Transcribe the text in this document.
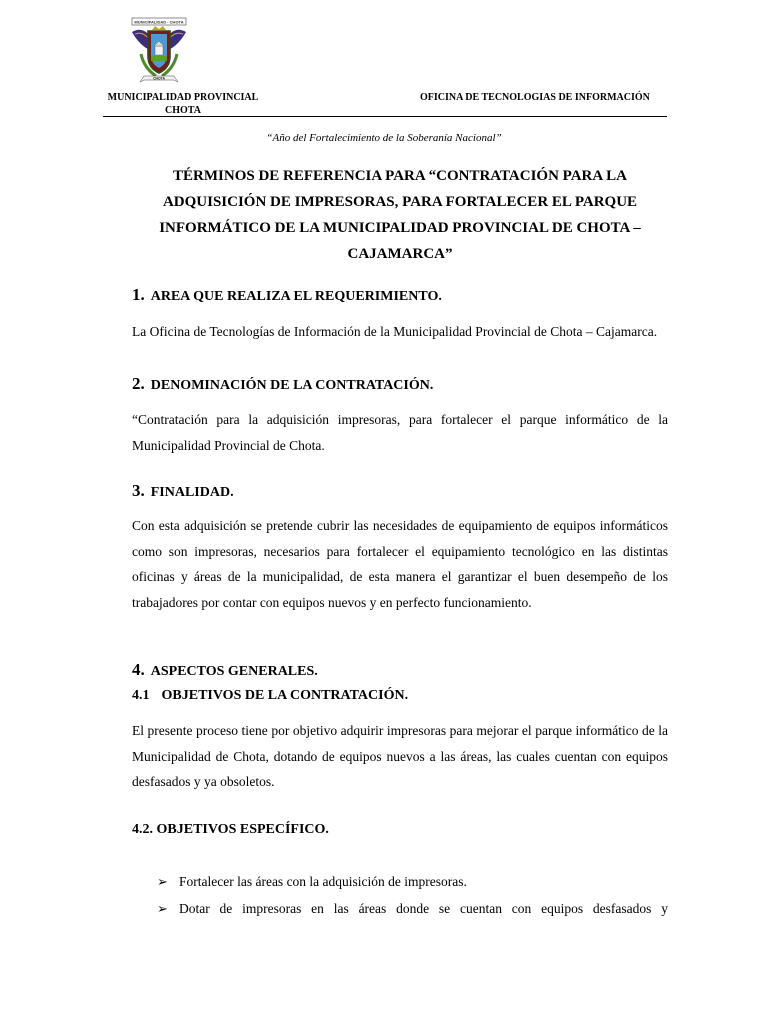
MUNICIPALIDAD · CHOTA
CHOTA
MUNICIPALIDAD PROVINCIAL CHOTA
OFICINA DE TECNOLOGIAS DE INFORMACIÓN
“Año del Fortalecimiento de la Soberanía Nacional”
TÉRMINOS DE REFERENCIA PARA “CONTRATACIÓN PARA LA ADQUISICIÓN DE IMPRESORAS, PARA FORTALECER EL PARQUE INFORMÁTICO DE LA MUNICIPALIDAD PROVINCIAL DE CHOTA – CAJAMARCA”
1. AREA QUE REALIZA EL REQUERIMIENTO.
La Oficina de Tecnologías de Información de la Municipalidad Provincial de Chota – Cajamarca.
2. DENOMINACIÓN DE LA CONTRATACIÓN.
“Contratación para la adquisición impresoras, para fortalecer el parque informático de la Municipalidad Provincial de Chota.
3. FINALIDAD.
Con esta adquisición se pretende cubrir las necesidades de equipamiento de equipos informáticos como son impresoras, necesarios para fortalecer el equipamiento tecnológico en las distintas oficinas y áreas de la municipalidad, de esta manera el garantizar el buen desempeño de los trabajadores por contar con equipos nuevos y en perfecto funcionamiento.
4. ASPECTOS GENERALES.
4.1 OBJETIVOS DE LA CONTRATACIÓN.
El presente proceso tiene por objetivo adquirir impresoras para mejorar el parque informático de la Municipalidad de Chota, dotando de equipos nuevos a las áreas, las cuales cuentan con equipos desfasados y ya obsoletos.
4.2. OBJETIVOS ESPECÍFICO.
➢ Fortalecer las áreas con la adquisición de impresoras.
➢ Dotar de impresoras en las áreas donde se cuentan con equipos desfasados y
